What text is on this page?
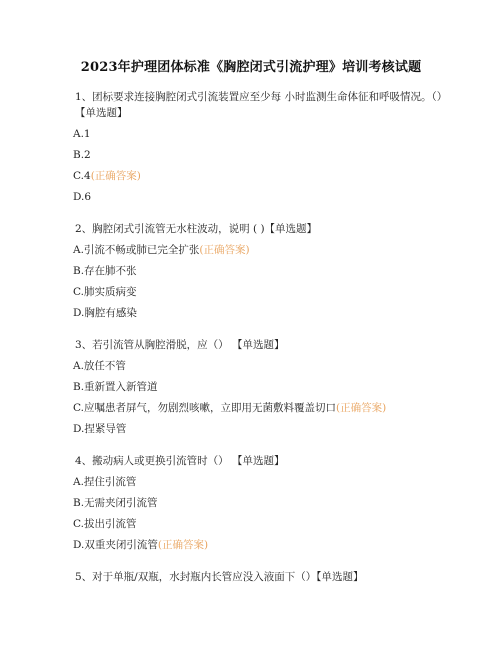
2023年护理团体标准《胸腔闭式引流护理》培训考核试题
1、团标要求连接胸腔闭式引流装置应至少每 小时监测生命体征和呼吸情况。（）
【单选题】
A.1
B.2
C.4(正确答案)
D.6
2、胸腔闭式引流管无水柱波动，说明 ( )【单选题】
A.引流不畅或肺已完全扩张(正确答案)
B.存在肺不张
C.肺实质病变
D.胸腔有感染
3、若引流管从胸腔滑脱，应（） 【单选题】
A.放任不管
B.重新置入新管道
C.应嘱患者屏气，勿剧烈咳嗽，立即用无菌敷料覆盖切口(正确答案)
D.捏紧导管
4、搬动病人或更换引流管时（） 【单选题】
A.捏住引流管
B.无需夹闭引流管
C.拔出引流管
D.双重夹闭引流管(正确答案)
5、对于单瓶/双瓶，水封瓶内长管应没入液面下（）【单选题】
